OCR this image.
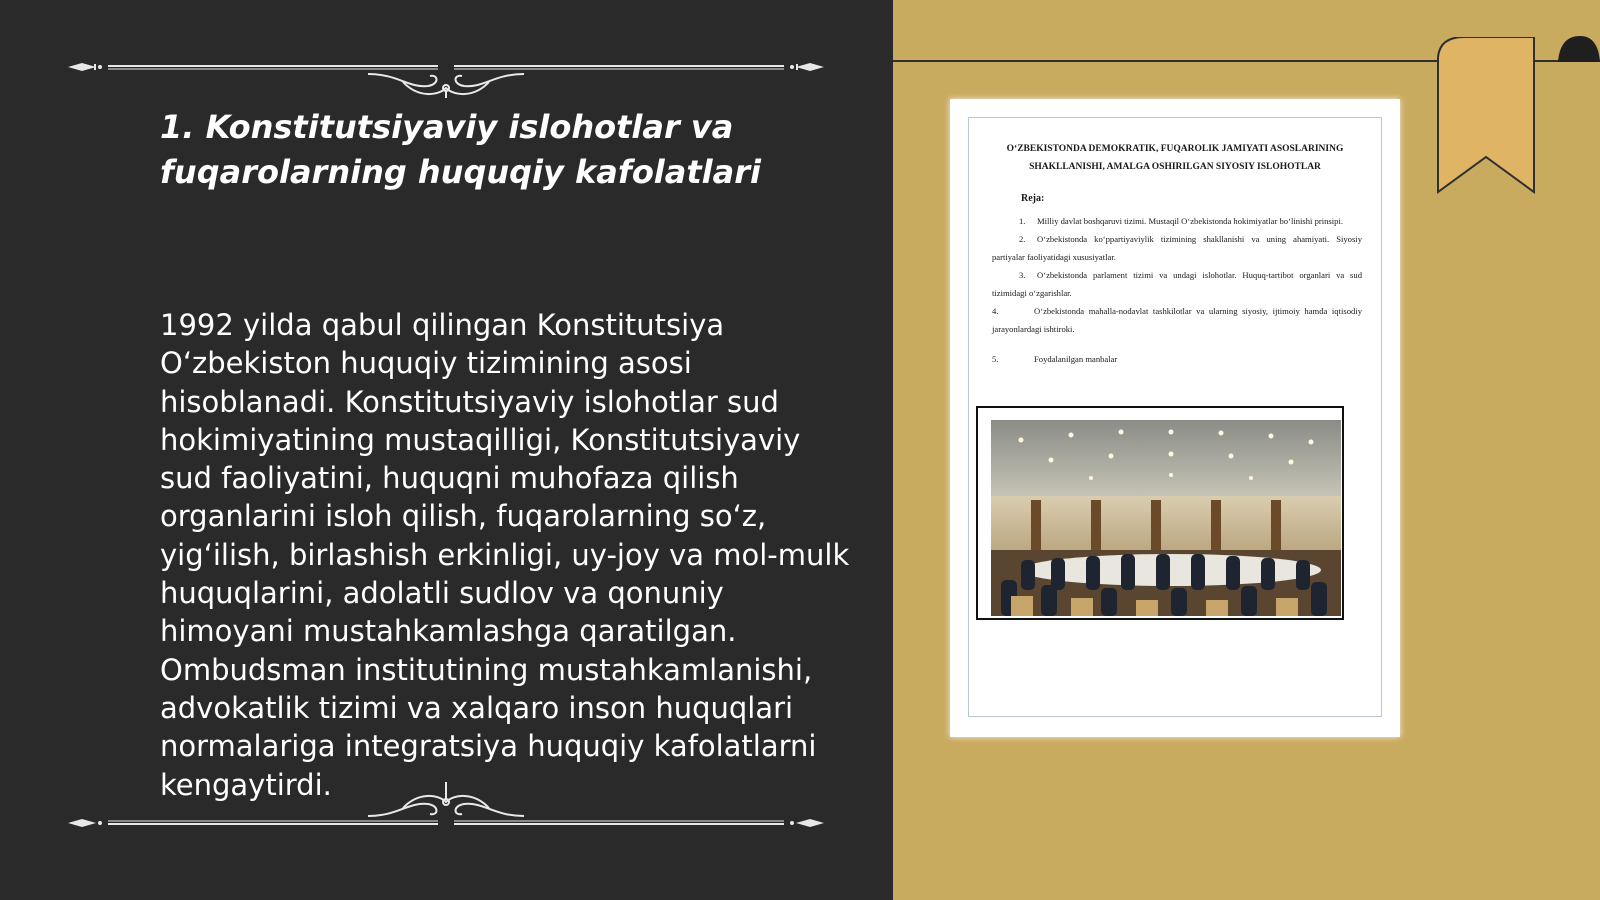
1. Konstitutsiyaviy islohotlar va fuqarolarning huquqiy kafolatlari

1992 yilda qabul qilingan Konstitutsiya O‘zbekiston huquqiy tizimining asosi hisoblanadi. Konstitutsiyaviy islohotlar sud hokimiyatining mustaqilligi, Konstitutsiyaviy sud faoliyatini, huquqni muhofaza qilish organlarini isloh qilish, fuqarolarning so‘z, yig‘ilish, birlashish erkinligi, uy-joy va mol-mulk huquqlarini, adolatli sudlov va qonuniy himoyani mustahkamlashga qaratilgan. Ombudsman institutining mustahkamlanishi, advokatlik tizimi va xalqaro inson huquqlari normalariga integratsiya huquqiy kafolatlarni kengaytirdi.

O‘ZBEKISTONDA DEMOKRATIK, FUQAROLIK JAMIYATI ASOSLARINING SHAKLLANISHI, AMALGA OSHIRILGAN SIYOSIY ISLOHOTLAR

Reja:

1. Milliy davlat boshqaruvi tizimi. Mustaqil O‘zbekistonda hokimiyatlar bo‘linishi prinsipi.
2. O‘zbekistonda ko‘ppartiyaviylik tizimining shakllanishi va uning ahamiyati. Siyosiy partiyalar faoliyatidagi xususiyatlar.
3. O‘zbekistonda parlament tizimi va undagi islohotlar. Huquq-tartibot organlari va sud tizimidagi o‘zgarishlar.
4.	O‘zbekistonda mahalla-nodavlat tashkilotlar va ularning siyosiy, ijtimoiy hamda iqtisodiy jarayonlardagi ishtiroki.
5.	Foydalanilgan manbalar
